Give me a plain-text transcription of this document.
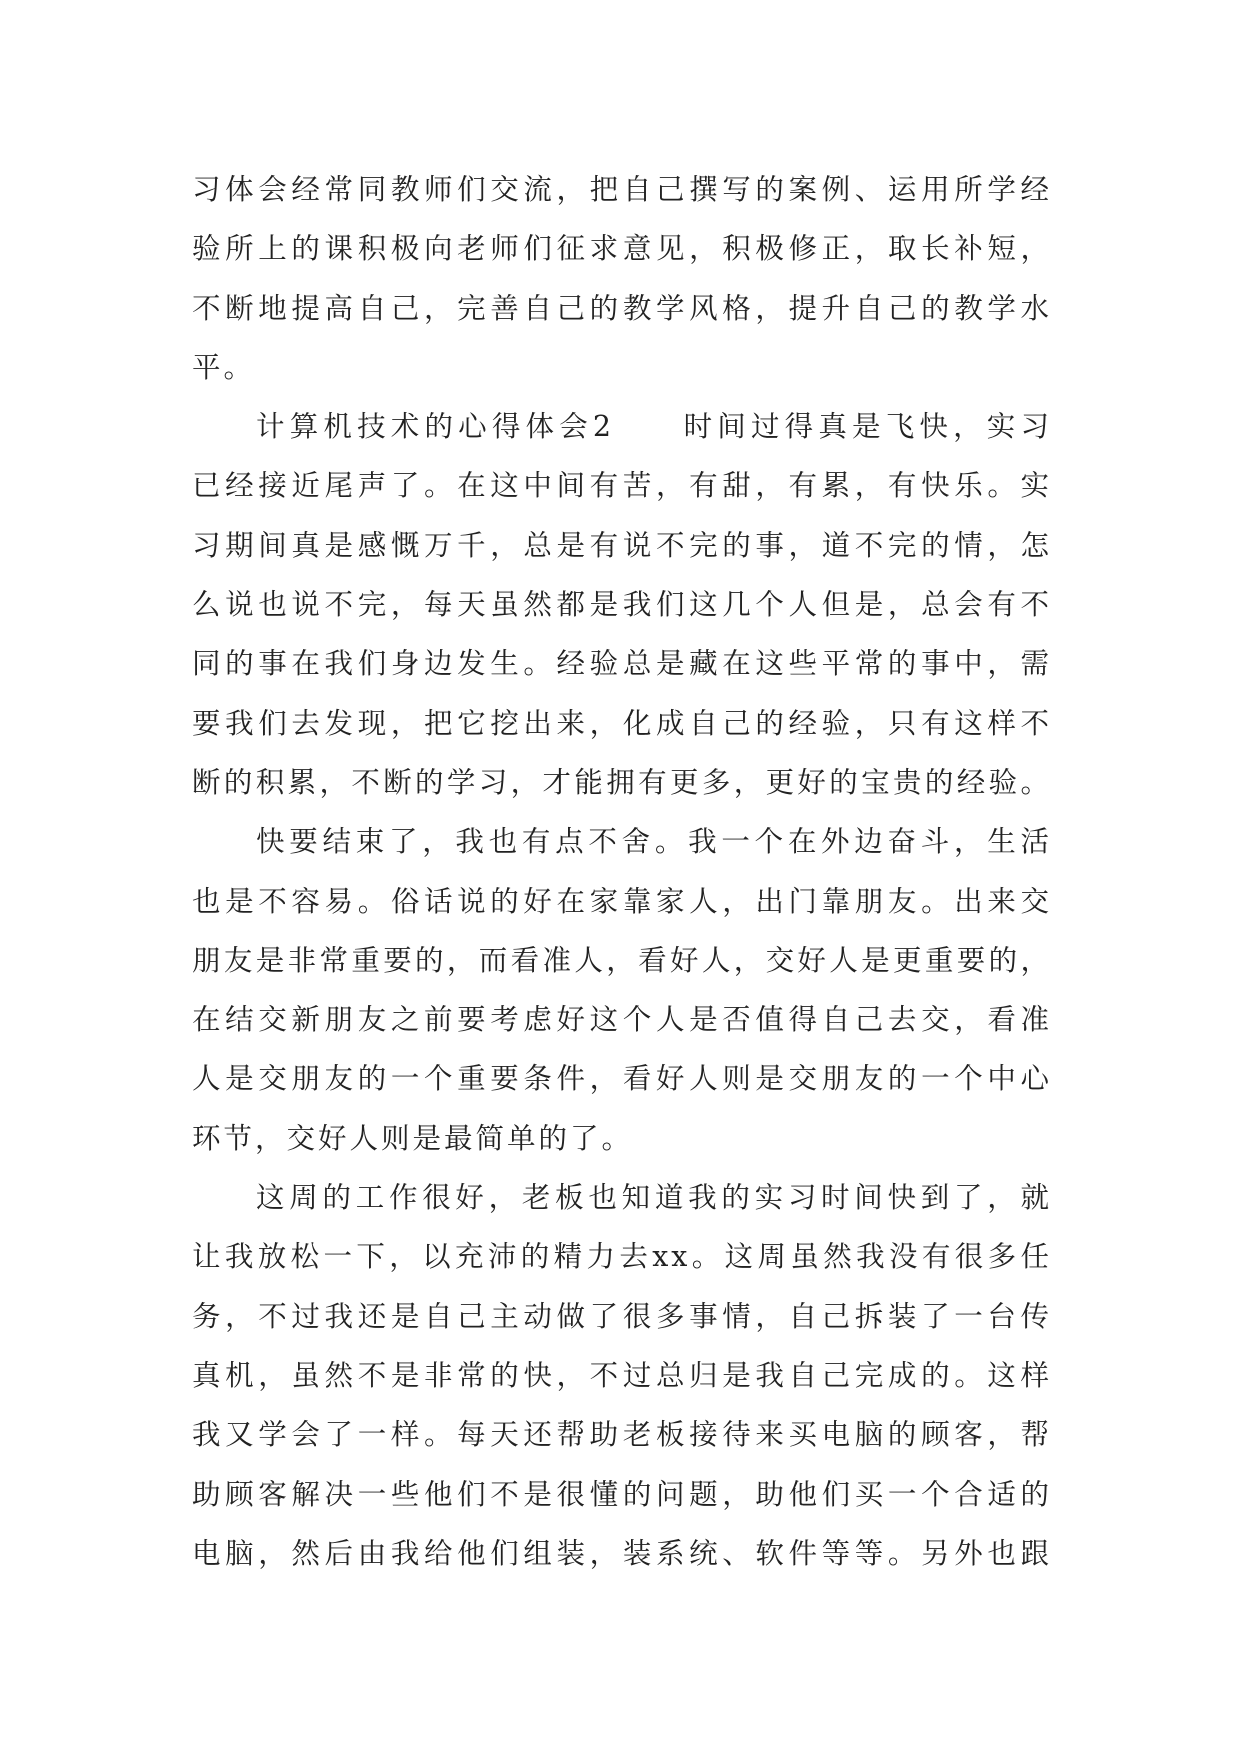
习体会经常同教师们交流，把自己撰写的案例、运用所学经
验所上的课积极向老师们征求意见，积极修正，取长补短，
不断地提高自己，完善自己的教学风格，提升自己的教学水
平。
计算机技术的心得体会2　　时间过得真是飞快，实习
已经接近尾声了。在这中间有苦，有甜，有累，有快乐。实
习期间真是感慨万千，总是有说不完的事，道不完的情，怎
么说也说不完，每天虽然都是我们这几个人但是，总会有不
同的事在我们身边发生。经验总是藏在这些平常的事中，需
要我们去发现，把它挖出来，化成自己的经验，只有这样不
断的积累，不断的学习，才能拥有更多，更好的宝贵的经验。
快要结束了，我也有点不舍。我一个在外边奋斗，生活
也是不容易。俗话说的好在家靠家人，出门靠朋友。出来交
朋友是非常重要的，而看准人，看好人，交好人是更重要的，
在结交新朋友之前要考虑好这个人是否值得自己去交，看准
人是交朋友的一个重要条件，看好人则是交朋友的一个中心
环节，交好人则是最简单的了。
这周的工作很好，老板也知道我的实习时间快到了，就
让我放松一下，以充沛的精力去xx。这周虽然我没有很多任
务，不过我还是自己主动做了很多事情，自己拆装了一台传
真机，虽然不是非常的快，不过总归是我自己完成的。这样
我又学会了一样。每天还帮助老板接待来买电脑的顾客，帮
助顾客解决一些他们不是很懂的问题，助他们买一个合适的
电脑，然后由我给他们组装，装系统、软件等等。另外也跟
